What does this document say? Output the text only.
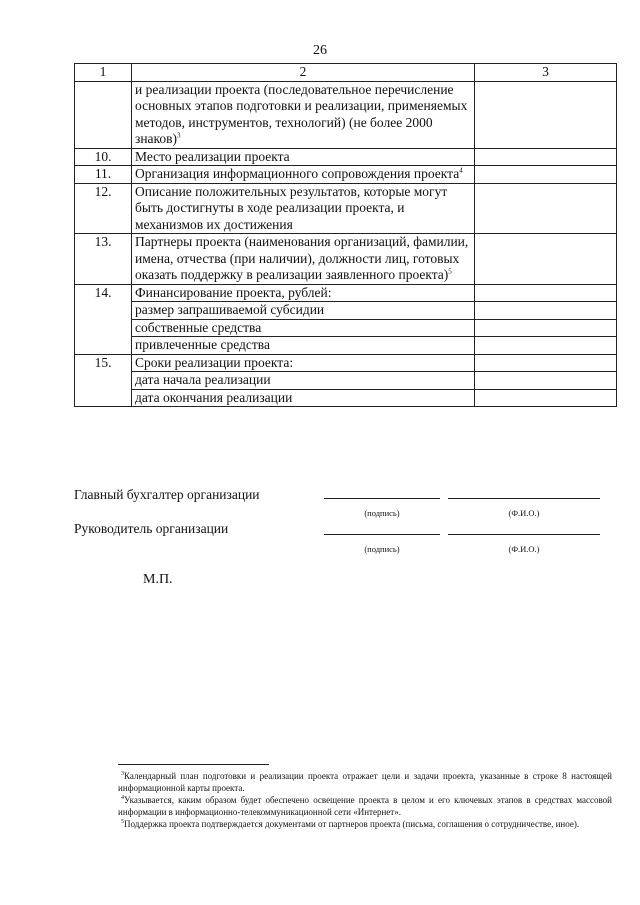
26
1	2	3
	и реализации проекта (последовательное перечисление основных этапов подготовки и реализации, применяемых методов, инструментов, технологий) (не более 2000 знаков)$^3$	
10.	Место реализации проекта	
11.	Организация информационного сопровождения проекта$^4$	
12.	Описание положительных результатов, которые могут быть достигнуты в ходе реализации проекта, и механизмов их достижения	
13.	Партнеры проекта (наименования организаций, фамилии, имена, отчества (при наличии), должности лиц, готовых оказать поддержку в реализации заявленного проекта)$^5$	
14.	Финансирование проекта, рублей:	
	размер запрашиваемой субсидии	
	собственные средства	
	привлеченные средства	
15.	Сроки реализации проекта:	
	дата начала реализации	
	дата окончания реализации	
Главный бухгалтер организации
(подпись)	(Ф.И.О.)
Руководитель организации
(подпись)	(Ф.И.О.)
М.П.

$^3$Календарный план подготовки и реализации проекта отражает цели и задачи проекта, указанные в строке 8 настоящей информационной карты проекта.

$^4$Указывается, каким образом будет обеспечено освещение проекта в целом и его ключевых этапов в средствах массовой информации в информационно-телекоммуникационной сети «Интернет».

$^5$Поддержка проекта подтверждается документами от партнеров проекта (письма, соглашения о сотрудничестве, иное).
